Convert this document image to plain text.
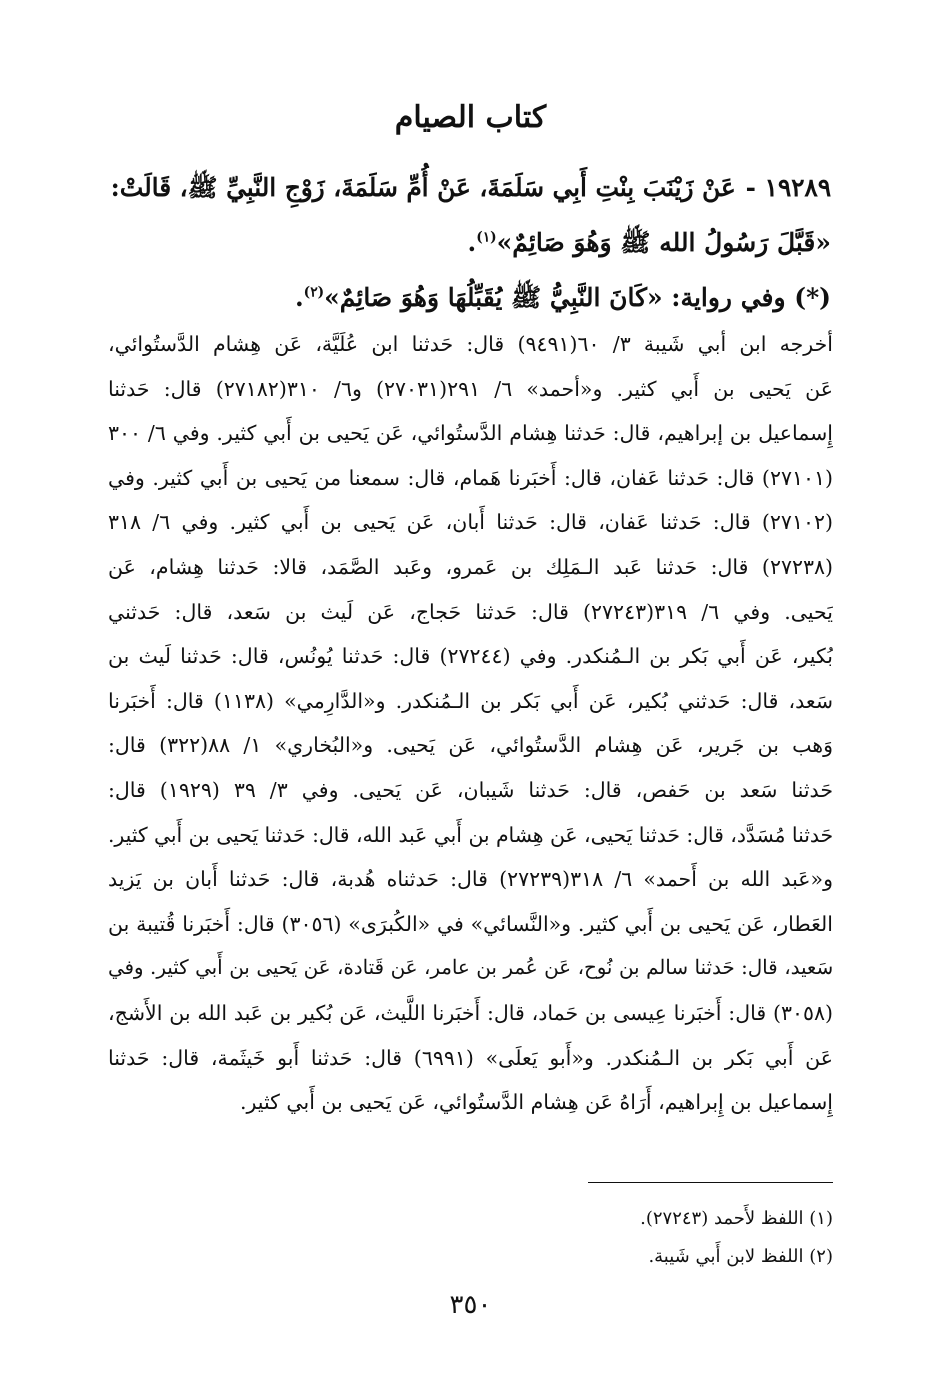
كتاب الصيام
١٩٢٨٩ -عَنْ زَيْنَبَ بِنْتِ أَبِي سَلَمَةَ، عَنْ أُمِّ سَلَمَةَ، زَوْجِ النَّبِيِّ ﷺ، قَالَتْ:
«قَبَّلَ رَسُولُ الله ﷺ وَهُوَ صَائِمٌ»$^{(١)}$.
(*) وفي رواية: «كَانَ النَّبِيُّ ﷺ يُقَبِّلُهَا وَهُوَ صَائِمٌ»$^{(٢)}$.
أخرجه ابن أبي شَيبة ٣/ ٦٠(٩٤٩١) قال: حَدثنا ابن عُلَيَّة، عَن هِشام الدَّستُوائي،
عَن يَحيى بن أَبي كثير. و«أحمد» ٦/ ٢٩١(٢٧٠٣١) و٦/ ٣١٠(٢٧١٨٢) قال: حَدثنا
إِسماعيل بن إبراهيم، قال: حَدثنا هِشام الدَّستُوائي، عَن يَحيى بن أَبي كثير. وفي ٦/ ٣٠٠
(٢٧١٠١) قال: حَدثنا عَفان، قال: أَخبَرنا هَمام، قال: سمعنا من يَحيى بن أَبي كثير. وفي
(٢٧١٠٢) قال: حَدثنا عَفان، قال: حَدثنا أَبان، عَن يَحيى بن أَبي كثير. وفي ٦/ ٣١٨
(٢٧٢٣٨) قال: حَدثنا عَبد الـمَلِك بن عَمرو، وعَبد الصَّمَد، قالا: حَدثنا هِشام، عَن
يَحيى. وفي ٦/ ٣١٩(٢٧٢٤٣) قال: حَدثنا حَجاج، عَن لَيث بن سَعد، قال: حَدثني
بُكير، عَن أَبي بَكر بن الـمُنكدر. وفي (٢٧٢٤٤) قال: حَدثنا يُونُس، قال: حَدثنا لَيث بن
سَعد، قال: حَدثني بُكير، عَن أَبي بَكر بن الـمُنكدر. و«الدَّارِمي» (١١٣٨) قال: أَخبَرنا
وَهب بن جَرير، عَن هِشام الدَّستُوائي، عَن يَحيى. و«البُخاري» ١/ ٨٨(٣٢٢) قال:
حَدثنا سَعد بن حَفص، قال: حَدثنا شَيبان، عَن يَحيى. وفي ٣/ ٣٩ (١٩٢٩) قال:
حَدثنا مُسَدَّد، قال: حَدثنا يَحيى، عَن هِشام بن أَبي عَبد الله، قال: حَدثنا يَحيى بن أَبي كثير.
و«عَبد الله بن أَحمد» ٦/ ٣١٨(٢٧٢٣٩) قال: حَدثناه هُدبة، قال: حَدثنا أَبان بن يَزيد
العَطار، عَن يَحيى بن أَبي كثير. و«النَّسائي» في «الكُبرَى» (٣٠٥٦) قال: أَخبَرنا قُتيبة بن
سَعيد، قال: حَدثنا سالم بن نُوح، عَن عُمر بن عامر، عَن قَتادة، عَن يَحيى بن أَبي كثير. وفي
(٣٠٥٨) قال: أَخبَرنا عِيسى بن حَماد، قال: أَخبَرنا اللَّيث، عَن بُكير بن عَبد الله بن الأَشج،
عَن أَبي بَكر بن الـمُنكدر. و«أَبو يَعلَى» (٦٩٩١) قال: حَدثنا أَبو خَيثَمة، قال: حَدثنا
إِسماعيل بن إِبراهيم، أَرَاهُ عَن هِشام الدَّستُوائي، عَن يَحيى بن أَبي كثير.
(١) اللفظ لأَحمد (٢٧٢٤٣).
(٢) اللفظ لابن أَبي شَيبة.
٣٥٠
